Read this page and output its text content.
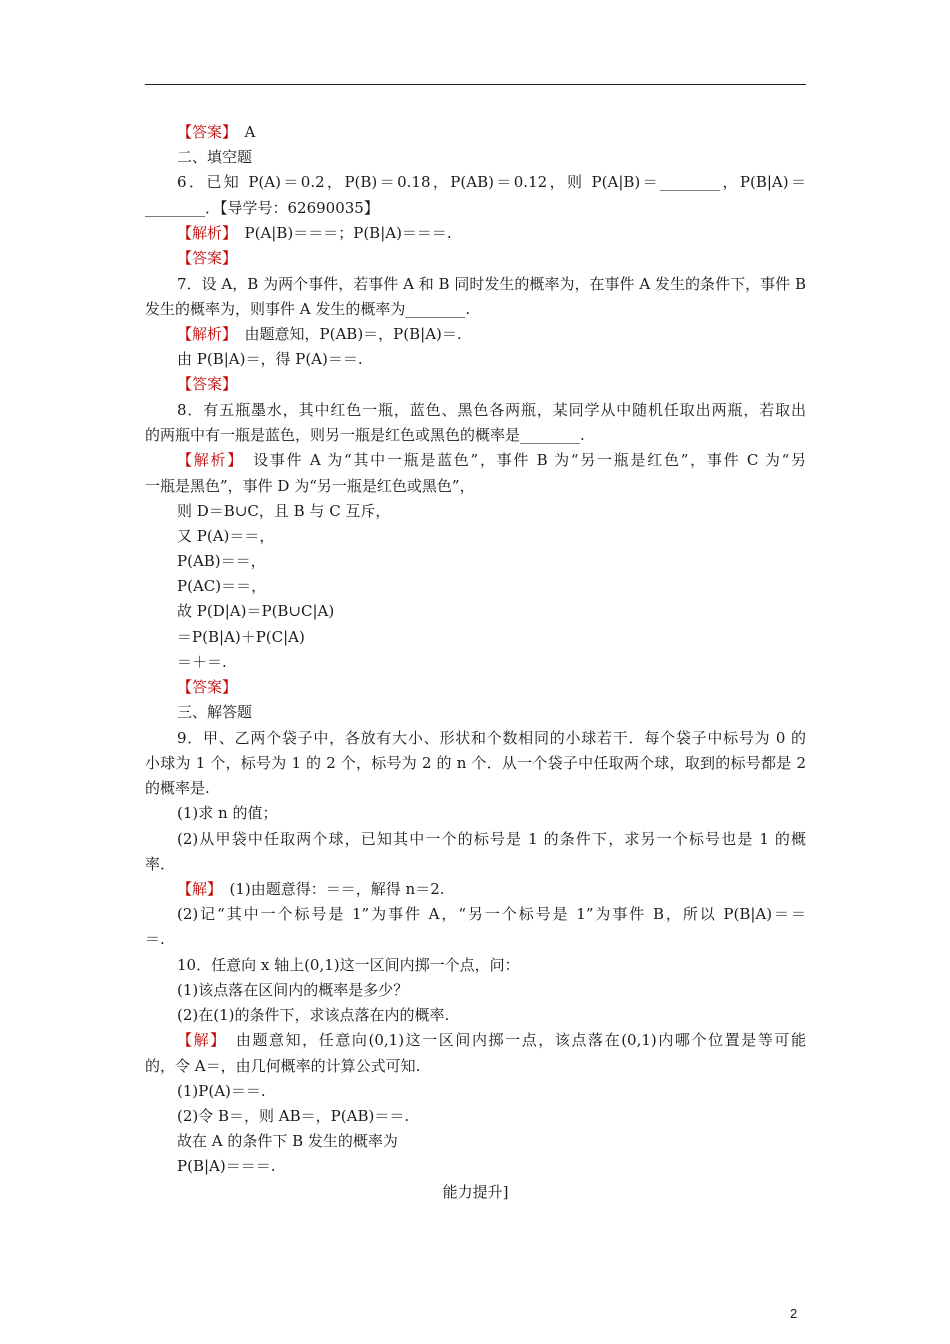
【答案】　A
二、填空题
6．已知 P(A)＝0.2，P(B)＝0.18，P(AB)＝0.12，则 P(A|B)＝________，P(B|A)＝
________．【导学号：62690035】
【解析】　P(A|B)＝＝＝；P(B|A)＝＝＝.
【答案】
7．设 A，B 为两个事件，若事件 A 和 B 同时发生的概率为，在事件 A 发生的条件下，事件 B
发生的概率为，则事件 A 发生的概率为________.
【解析】　由题意知，P(AB)＝，P(B|A)＝.
由 P(B|A)＝，得 P(A)＝＝.
【答案】
8．有五瓶墨水，其中红色一瓶，蓝色、黑色各两瓶，某同学从中随机任取出两瓶，若取出
的两瓶中有一瓶是蓝色，则另一瓶是红色或黑色的概率是________.
【解析】　设事件 A 为“其中一瓶是蓝色”，事件 B 为“另一瓶是红色”，事件 C 为“另
一瓶是黑色”，事件 D 为“另一瓶是红色或黑色”，
则 D＝B∪C，且 B 与 C 互斥，
又 P(A)＝＝，
P(AB)＝＝，
P(AC)＝＝，
故 P(D|A)＝P(B∪C|A)
＝P(B|A)＋P(C|A)
＝＋＝.
【答案】
三、解答题
9．甲、乙两个袋子中，各放有大小、形状和个数相同的小球若干．每个袋子中标号为 0 的
小球为 1 个，标号为 1 的 2 个，标号为 2 的 n 个．从一个袋子中任取两个球，取到的标号都是 2
的概率是.
(1)求 n 的值；
(2)从甲袋中任取两个球，已知其中一个的标号是 1 的条件下，求另一个标号也是 1 的概
率．
【解】　(1)由题意得：＝＝，解得 n＝2.
(2)记“其中一个标号是 1”为事件 A，“另一个标号是 1”为事件 B，所以 P(B|A)＝＝
＝.
10．任意向 x 轴上(0,1)这一区间内掷一个点，问：
(1)该点落在区间内的概率是多少？
(2)在(1)的条件下，求该点落在内的概率.
【解】　由题意知，任意向(0,1)这一区间内掷一点，该点落在(0,1)内哪个位置是等可能
的，令 A＝，由几何概率的计算公式可知.
(1)P(A)＝＝.
(2)令 B＝，则 AB＝，P(AB)＝＝.
故在 A 的条件下 B 发生的概率为
P(B|A)＝＝＝.
能力提升]
2
